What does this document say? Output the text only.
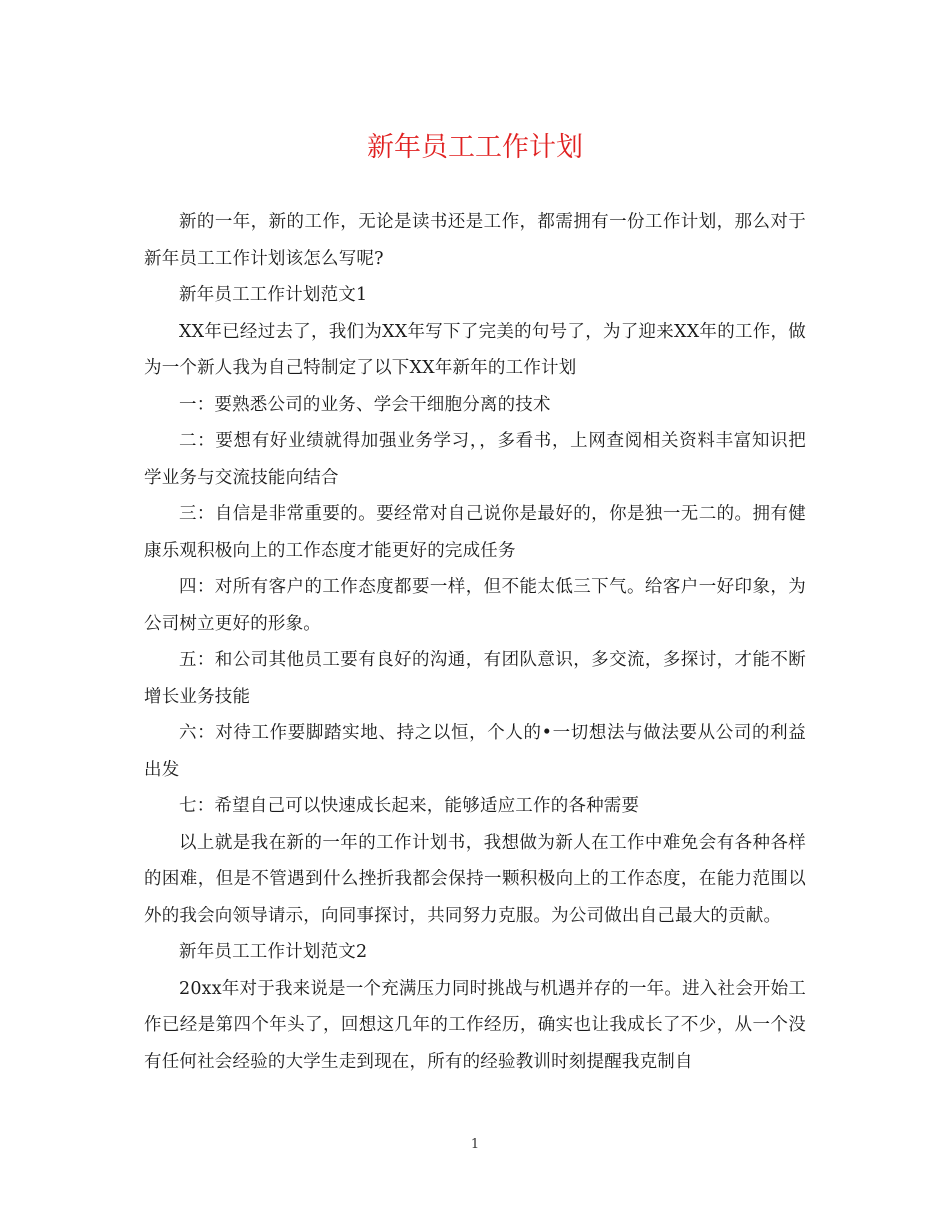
新年员工工作计划

新的一年，新的工作，无论是读书还是工作，都需拥有一份工作计划，那么对于新年员工工作计划该怎么写呢?

新年员工工作计划范文1

XX年已经过去了，我们为XX年写下了完美的句号了，为了迎来XX年的工作，做为一个新人我为自己特制定了以下XX年新年的工作计划

一：要熟悉公司的业务、学会干细胞分离的技术

二：要想有好业绩就得加强业务学习，，多看书，上网查阅相关资料丰富知识把学业务与交流技能向结合

三：自信是非常重要的。要经常对自己说你是最好的，你是独一无二的。拥有健康乐观积极向上的工作态度才能更好的完成任务

四：对所有客户的工作态度都要一样，但不能太低三下气。给客户一好印象，为公司树立更好的形象。

五：和公司其他员工要有良好的沟通，有团队意识，多交流，多探讨，才能不断增长业务技能

六：对待工作要脚踏实地、持之以恒，个人的•一切想法与做法要从公司的利益出发

七：希望自己可以快速成长起来，能够适应工作的各种需要

以上就是我在新的一年的工作计划书，我想做为新人在工作中难免会有各种各样的困难，但是不管遇到什么挫折我都会保持一颗积极向上的工作态度，在能力范围以外的我会向领导请示，向同事探讨，共同努力克服。为公司做出自己最大的贡献。

新年员工工作计划范文2

20xx年对于我来说是一个充满压力同时挑战与机遇并存的一年。进入社会开始工作已经是第四个年头了，回想这几年的工作经历，确实也让我成长了不少，从一个没有任何社会经验的大学生走到现在，所有的经验教训时刻提醒我克制自

1
